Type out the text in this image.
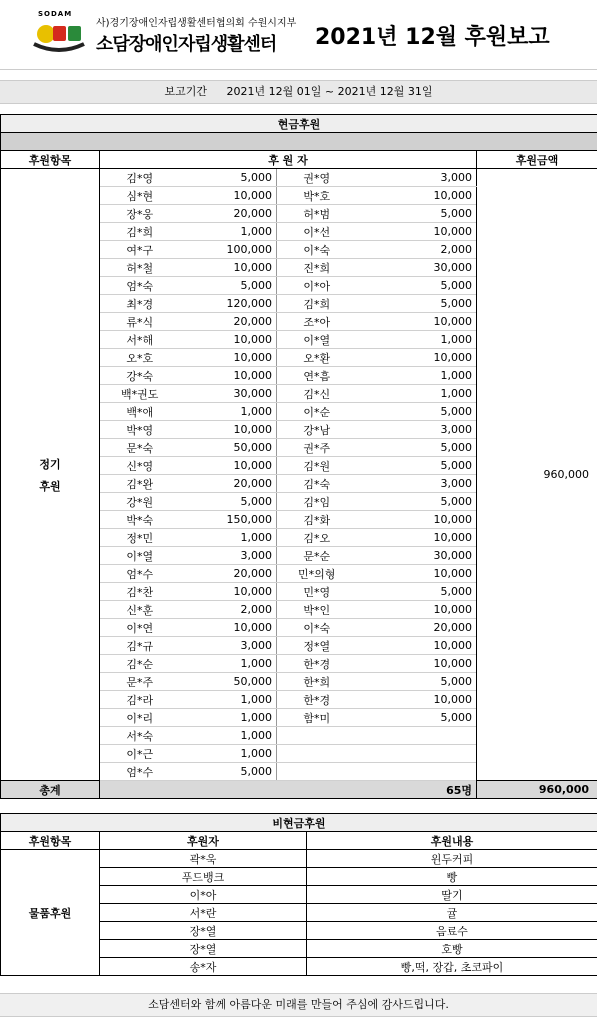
SODAM
사)경기장애인자립생활센터협의회 수원시지부
소담장애인자립생활센터 2021년 12월 후원보고
보고기간 2021년 12월 01일 ~ 2021년 12월 31일
현금후원					

후원항목	후 원 자				후원금액

정기
후원	김*영	5,000	권*영	3,000	960,000
	심*현	10,000	박*호	10,000	
	장*웅	20,000	허*범	5,000	
	김*희	1,000	이*선	10,000	
	여*구	100,000	이*숙	2,000	
	허*철	10,000	진*희	30,000	
	엄*숙	5,000	이*아	5,000	
	최*경	120,000	김*희	5,000	
	류*식	20,000	조*아	10,000	
	서*해	10,000	이*열	1,000	
	오*호	10,000	오*환	10,000	
	강*숙	10,000	연*흠	1,000	
	백*권도	30,000	김*신	1,000	
	백*애	1,000	이*순	5,000	
	박*영	10,000	강*남	3,000	
	문*숙	50,000	권*주	5,000	
	신*영	10,000	김*원	5,000	
	김*완	20,000	김*숙	3,000	
	강*원	5,000	김*임	5,000	
	박*숙	150,000	김*화	10,000	
	정*민	1,000	김*오	10,000	
	이*열	3,000	문*순	30,000	
	엄*수	20,000	민*의형	10,000	
	김*찬	10,000	민*영	5,000	
	신*훈	2,000	박*인	10,000	
	이*연	10,000	이*숙	20,000	
	김*규	3,000	정*열	10,000	
	김*순	1,000	한*경	10,000	
	문*주	50,000	한*희	5,000	
	김*라	1,000	한*경	10,000	
	이*리	1,000	함*미	5,000	
	서*숙	1,000			
	이*근	1,000			
	엄*수	5,000			
총계	65명				960,000
비현금후원		
후원항목	후원자	후원내용
물품후원	곽*욱	윈두커피
	푸드뱅크	빵
	이*아	딸기
	서*란	귤
	장*열	음료수
	장*열	호빵
	송*자	빵,떡, 장갑, 초코파이
소담센터와 함께 아름다운 미래를 만들어 주심에 감사드립니다.
